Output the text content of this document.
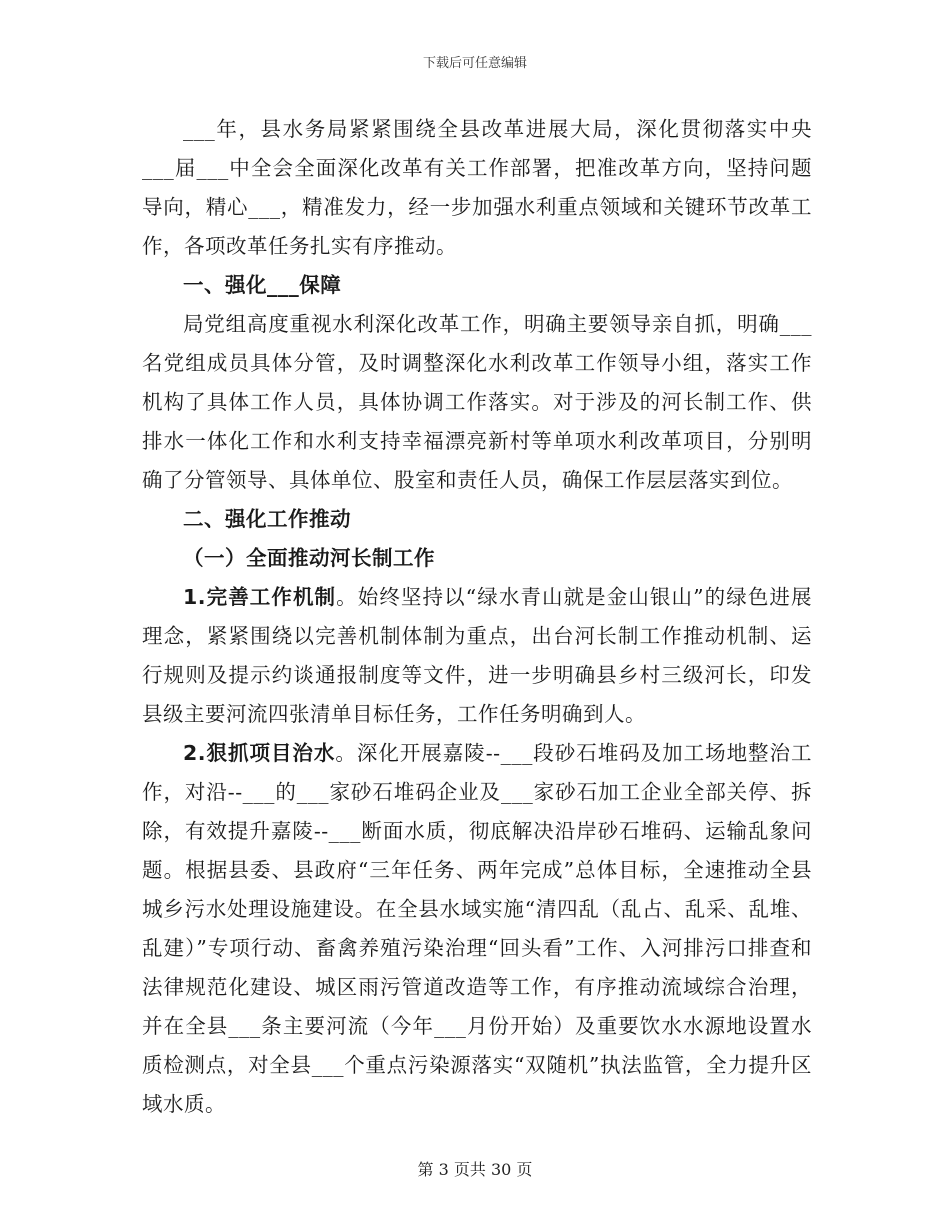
下载后可任意编辑

___年，县水务局紧紧围绕全县改革进展大局，深化贯彻落实中央___届___中全会全面深化改革有关工作部署，把准改革方向，坚持问题导向，精心___，精准发力，经一步加强水利重点领域和关键环节改革工作，各项改革任务扎实有序推动。

一、强化___保障

局党组高度重视水利深化改革工作，明确主要领导亲自抓，明确___名党组成员具体分管，及时调整深化水利改革工作领导小组，落实工作机构了具体工作人员，具体协调工作落实。对于涉及的河长制工作、供排水一体化工作和水利支持幸福漂亮新村等单项水利改革项目，分别明确了分管领导、具体单位、股室和责任人员，确保工作层层落实到位。

二、强化工作推动

（一）全面推动河长制工作

1.完善工作机制。始终坚持以“绿水青山就是金山银山”的绿色进展理念，紧紧围绕以完善机制体制为重点，出台河长制工作推动机制、运行规则及提示约谈通报制度等文件，进一步明确县乡村三级河长，印发县级主要河流四张清单目标任务，工作任务明确到人。

2.狠抓项目治水。深化开展嘉陵--___段砂石堆码及加工场地整治工作，对沿--___的___家砂石堆码企业及___家砂石加工企业全部关停、拆除，有效提升嘉陵--___断面水质，彻底解决沿岸砂石堆码、运输乱象问题。根据县委、县政府“三年任务、两年完成”总体目标，全速推动全县城乡污水处理设施建设。在全县水域实施“清四乱（乱占、乱采、乱堆、乱建）”专项行动、畜禽养殖污染治理“回头看”工作、入河排污口排查和法律规范化建设、城区雨污管道改造等工作，有序推动流域综合治理，并在全县___条主要河流（今年___月份开始）及重要饮水水源地设置水质检测点，对全县___个重点污染源落实“双随机”执法监管，全力提升区域水质。

第 3 页共 30 页
